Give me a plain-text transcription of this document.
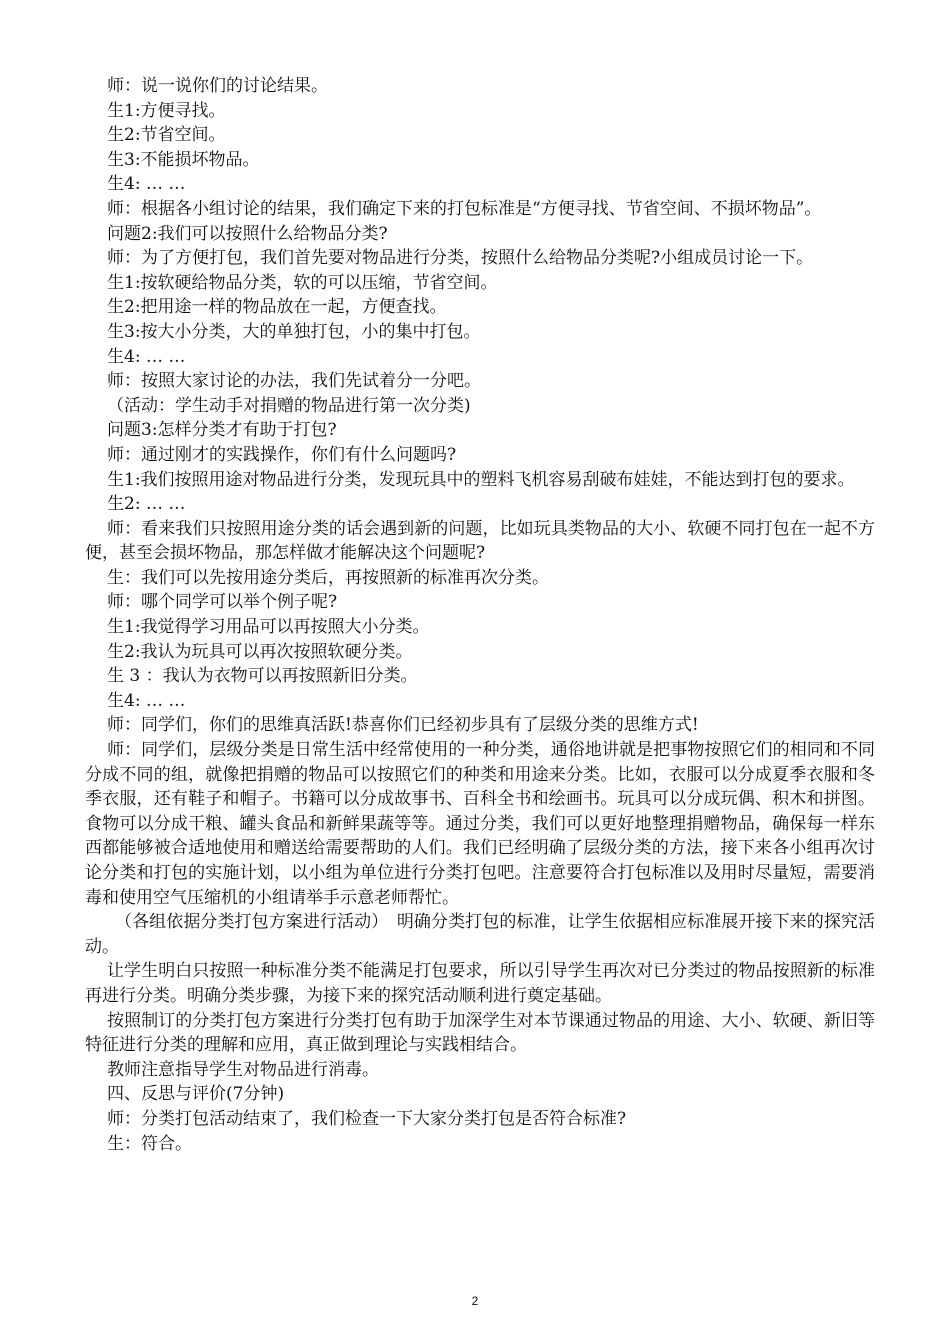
师：说一说你们的讨论结果。

生1:方便寻找。

生2:节省空间。

生3:不能损坏物品。

生4: … …

师：根据各小组讨论的结果，我们确定下来的打包标准是“方便寻找、节省空间、不损坏物品”。

问题2:我们可以按照什么给物品分类?

师：为了方便打包，我们首先要对物品进行分类，按照什么给物品分类呢?小组成员讨论一下。

生1:按软硬给物品分类，软的可以压缩，节省空间。

生2:把用途一样的物品放在一起，方便查找。

生3:按大小分类，大的单独打包，小的集中打包。

生4: … …

师：按照大家讨论的办法，我们先试着分一分吧。

（活动：学生动手对捐赠的物品进行第一次分类)

问题3:怎样分类才有助于打包?

师：通过刚才的实践操作，你们有什么问题吗?

生1:我们按照用途对物品进行分类，发现玩具中的塑料飞机容易刮破布娃娃，不能达到打包的要求。

生2: … …

师：看来我们只按照用途分类的话会遇到新的问题，比如玩具类物品的大小、软硬不同打包在一起不方便，甚至会损坏物品，那怎样做才能解决这个问题呢?

生：我们可以先按用途分类后，再按照新的标准再次分类。

师：哪个同学可以举个例子呢?

生1:我觉得学习用品可以再按照大小分类。

生2:我认为玩具可以再次按照软硬分类。

生 3 ：我认为衣物可以再按照新旧分类。

生4: … …

师：同学们，你们的思维真活跃!恭喜你们已经初步具有了层级分类的思维方式!

师：同学们，层级分类是日常生活中经常使用的一种分类，通俗地讲就是把事物按照它们的相同和不同分成不同的组，就像把捐赠的物品可以按照它们的种类和用途来分类。比如，衣服可以分成夏季衣服和冬季衣服，还有鞋子和帽子。书籍可以分成故事书、百科全书和绘画书。玩具可以分成玩偶、积木和拼图。食物可以分成干粮、罐头食品和新鲜果蔬等等。通过分类，我们可以更好地整理捐赠物品，确保每一样东西都能够被合适地使用和赠送给需要帮助的人们。我们已经明确了层级分类的方法，接下来各小组再次讨论分类和打包的实施计划，以小组为单位进行分类打包吧。注意要符合打包标准以及用时尽量短，需要消毒和使用空气压缩机的小组请举手示意老师帮忙。

（各组依据分类打包方案进行活动）　明确分类打包的标准，让学生依据相应标准展开接下来的探究活动。

让学生明白只按照一种标准分类不能满足打包要求，所以引导学生再次对已分类过的物品按照新的标准再进行分类。明确分类步骤，为接下来的探究活动顺利进行奠定基础。

按照制订的分类打包方案进行分类打包有助于加深学生对本节课通过物品的用途、大小、软硬、新旧等特征进行分类的理解和应用，真正做到理论与实践相结合。

教师注意指导学生对物品进行消毒。

四、反思与评价(7分钟)

师：分类打包活动结束了，我们检查一下大家分类打包是否符合标准?

生：符合。

2
